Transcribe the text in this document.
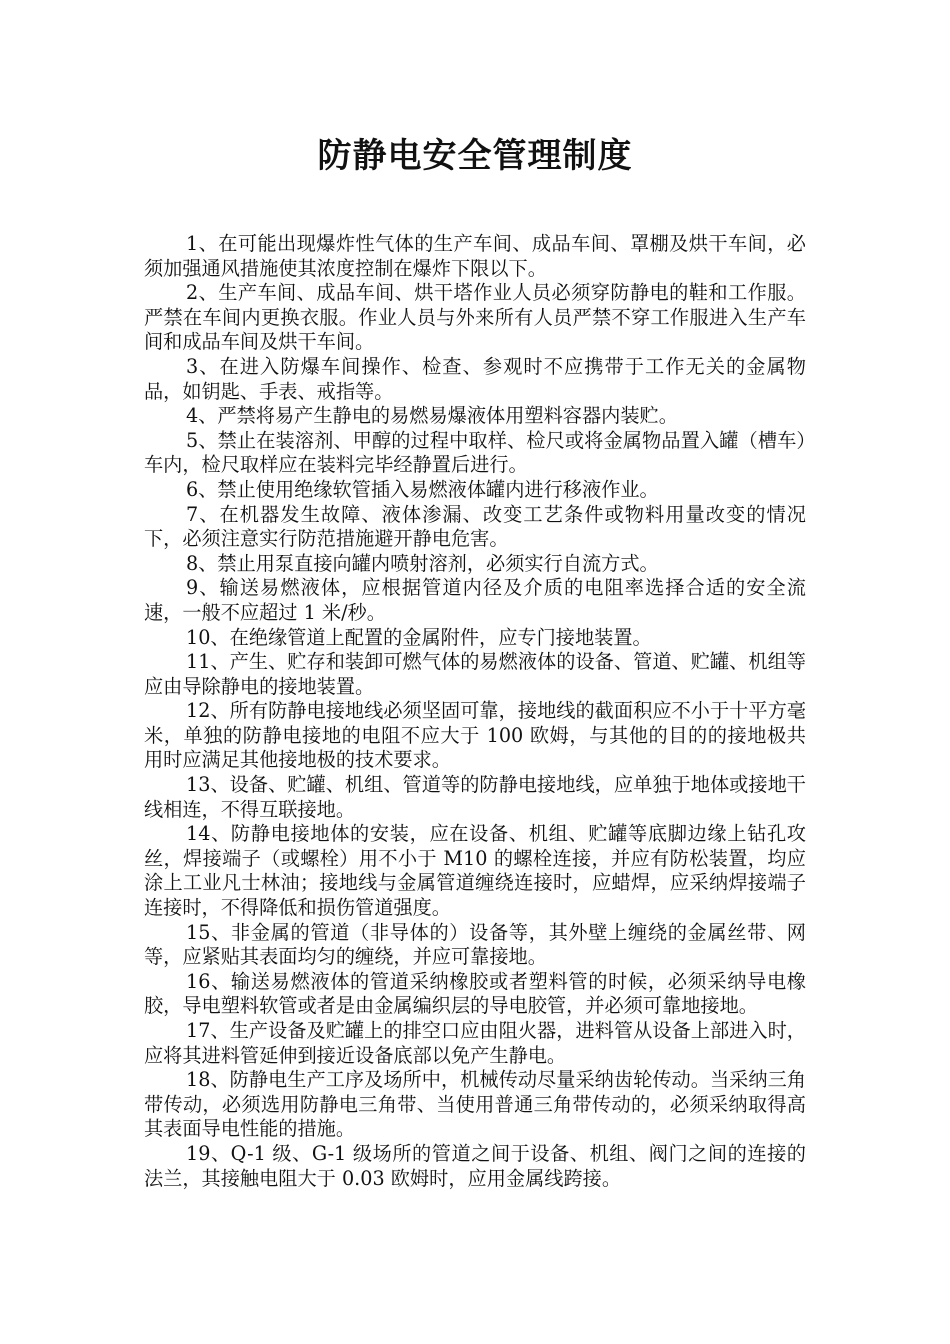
防静电安全管理制度

1、在可能出现爆炸性气体的生产车间、成品车间、罩棚及烘干车间，必须加强通风措施使其浓度控制在爆炸下限以下。

2、生产车间、成品车间、烘干塔作业人员必须穿防静电的鞋和工作服。严禁在车间内更换衣服。作业人员与外来所有人员严禁不穿工作服进入生产车间和成品车间及烘干车间。

3、在进入防爆车间操作、检查、参观时不应携带于工作无关的金属物品，如钥匙、手表、戒指等。

4、严禁将易产生静电的易燃易爆液体用塑料容器内装贮。

5、禁止在装溶剂、甲醇的过程中取样、检尺或将金属物品置入罐（槽车）车内，检尺取样应在装料完毕经静置后进行。

6、禁止使用绝缘软管插入易燃液体罐内进行移液作业。

7、在机器发生故障、液体渗漏、改变工艺条件或物料用量改变的情况下，必须注意实行防范措施避开静电危害。

8、禁止用泵直接向罐内喷射溶剂，必须实行自流方式。

9、输送易燃液体，应根据管道内径及介质的电阻率选择合适的安全流速，一般不应超过 1 米/秒。

10、在绝缘管道上配置的金属附件，应专门接地装置。

11、产生、贮存和装卸可燃气体的易燃液体的设备、管道、贮罐、机组等应由导除静电的接地装置。

12、所有防静电接地线必须坚固可靠，接地线的截面积应不小于十平方毫米，单独的防静电接地的电阻不应大于 100 欧姆，与其他的目的的接地极共用时应满足其他接地极的技术要求。

13、设备、贮罐、机组、管道等的防静电接地线，应单独于地体或接地干线相连，不得互联接地。

14、防静电接地体的安装，应在设备、机组、贮罐等底脚边缘上钻孔攻丝，焊接端子（或螺栓）用不小于 M10 的螺栓连接，并应有防松装置，均应涂上工业凡士林油；接地线与金属管道缠绕连接时，应蜡焊，应采纳焊接端子连接时，不得降低和损伤管道强度。

15、非金属的管道（非导体的）设备等，其外壁上缠绕的金属丝带、网等，应紧贴其表面均匀的缠绕，并应可靠接地。

16、输送易燃液体的管道采纳橡胶或者塑料管的时候，必须采纳导电橡胶，导电塑料软管或者是由金属编织层的导电胶管，并必须可靠地接地。

17、生产设备及贮罐上的排空口应由阻火器，进料管从设备上部进入时，应将其进料管延伸到接近设备底部以免产生静电。

18、防静电生产工序及场所中，机械传动尽量采纳齿轮传动。当采纳三角带传动，必须选用防静电三角带、当使用普通三角带传动的，必须采纳取得高其表面导电性能的措施。

19、Q-1 级、G-1 级场所的管道之间于设备、机组、阀门之间的连接的法兰，其接触电阻大于 0.03 欧姆时，应用金属线跨接。
